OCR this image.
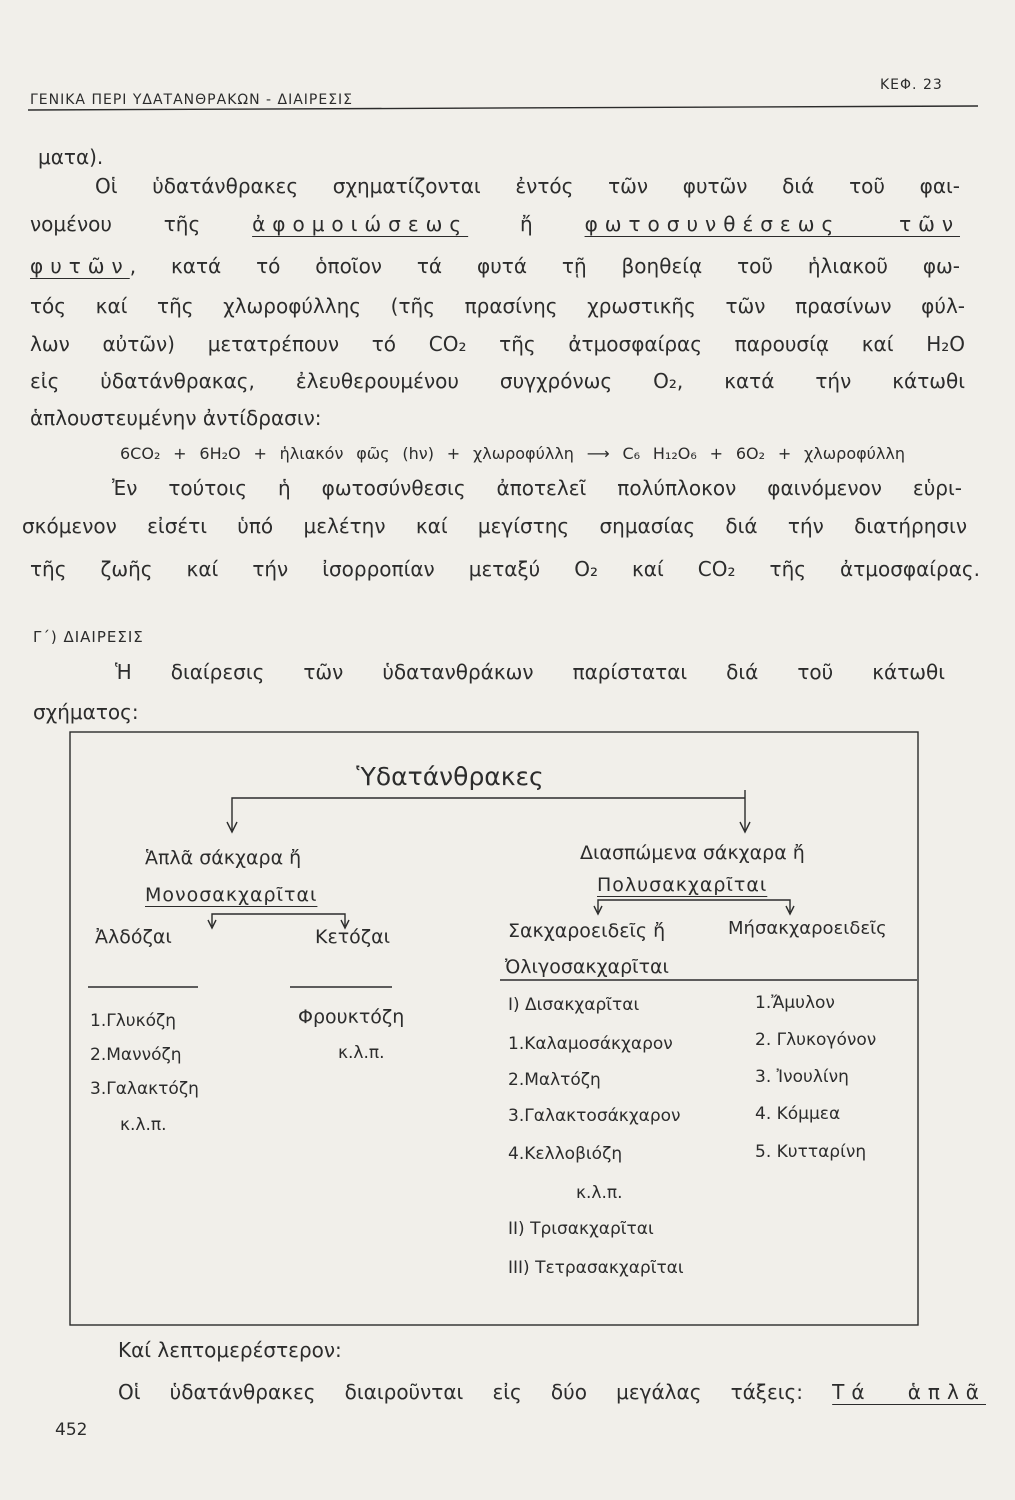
ΓΕΝΙΚΑ ΠΕΡΙ ΥΔΑΤΑΝΘΡΑΚΩΝ - ΔΙΑΙΡΕΣΙΣ
ΚΕΦ. 23
ματα).
Οἱ ὑδατάνθρακες σχηματίζονται ἐντός τῶν φυτῶν διά τοῦ φαι-
νομένου τῆς	ἀφομοιώσεως	ἤ	φωτοσυνθέσεως τῶν
φυτῶν, κατά τό ὁποῖον τά φυτά τῇ βοηθείᾳ τοῦ ἡλιακοῦ φω-
τός καί τῆς χλωροφύλλης (τῆς πρασίνης χρωστικῆς τῶν πρασίνων φύλ-
λων αὐτῶν) μετατρέπουν τό CO₂ τῆς ἀτμοσφαίρας παρουσίᾳ καί H₂O
εἰς ὑδατάνθρακας, ἐλευθερουμένου συγχρόνως O₂, κατά τήν κάτωθι
ἁπλουστευμένην ἀντίδρασιν:
6CO₂ + 6H₂O + ἡλιακόν φῶς (hν) + χλωροφύλλη ⟶ C₆ H₁₂O₆ + 6O₂ + χλωροφύλλη
Ἐν τούτοις ἡ φωτοσύνθεσις ἀποτελεῖ πολύπλοκον φαινόμενον εὑρι-
σκόμενον εἰσέτι ὑπό μελέτην καί μεγίστης σημασίας διά τήν διατήρησιν
τῆς ζωῆς καί τήν ἰσορροπίαν μεταξύ O₂ καί CO₂ τῆς ἀτμοσφαίρας.
Γ΄) ΔΙΑΙΡΕΣΙΣ
Ἡ διαίρεσις τῶν ὑδατανθράκων παρίσταται διά τοῦ κάτωθι
σχήματος:
Ὑδατάνθρακες
Ἁπλᾶ σάκχαρα ἤ
Μονοσακχαρῖται
Ἀλδόζαι	Κετόζαι
Διασπώμενα σάκχαρα ἤ
Πολυσακχαρῖται
Σακχαροειδεῖς ἤ	Μήσακχαροειδεῖς
Ὀλιγοσακχαρῖται
1.Γλυκόζη
2.Μαννόζη
3.Γαλακτόζη
κ.λ.π.
Φρουκτόζη
κ.λ.π.
I) Δισακχαρῖται
1.Καλαμοσάκχαρον
2.Μαλτόζη
3.Γαλακτοσάκχαρον
4.Κελλοβιόζη
κ.λ.π.
II) Τρισακχαρῖται
III) Τετρασακχαρῖται
1.Ἄμυλον
2. Γλυκογόνον
3. Ἰνουλίνη
4. Κόμμεα
5. Κυτταρίνη
Καί λεπτομερέστερον:
Οἱ ὑδατάνθρακες διαιροῦνται εἰς δύο μεγάλας τάξεις: Τά ἁπλᾶ
452
